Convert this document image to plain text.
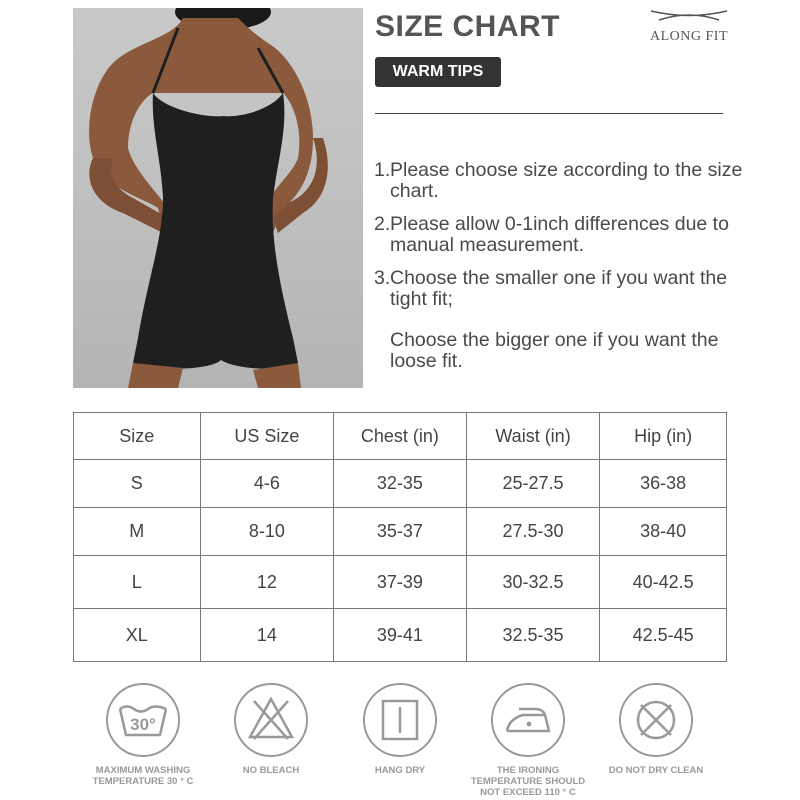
SIZE CHART	ALONG FIT
WARM TIPS
1. Please choose size according to the size chart.
2. Please allow 0-1inch differences due to manual measurement.
3. Choose the smaller one if you want the tight fit;
Choose the bigger one if you want the loose fit.
Size	US Size	Chest (in)	Waist (in)	Hip (in)
S	4-6	32-35	25-27.5	36-38
M	8-10	35-37	27.5-30	38-40
L	12	37-39	30-32.5	40-42.5
XL	14	39-41	32.5-35	42.5-45
30°
MAXIMUM WASHING TEMPERATURE 30 ° C
NO BLEACH	HANG DRY	THE IRONING TEMPERATURE SHOULD NOT EXCEED 110 ° C
DO NOT DRY CLEAN
